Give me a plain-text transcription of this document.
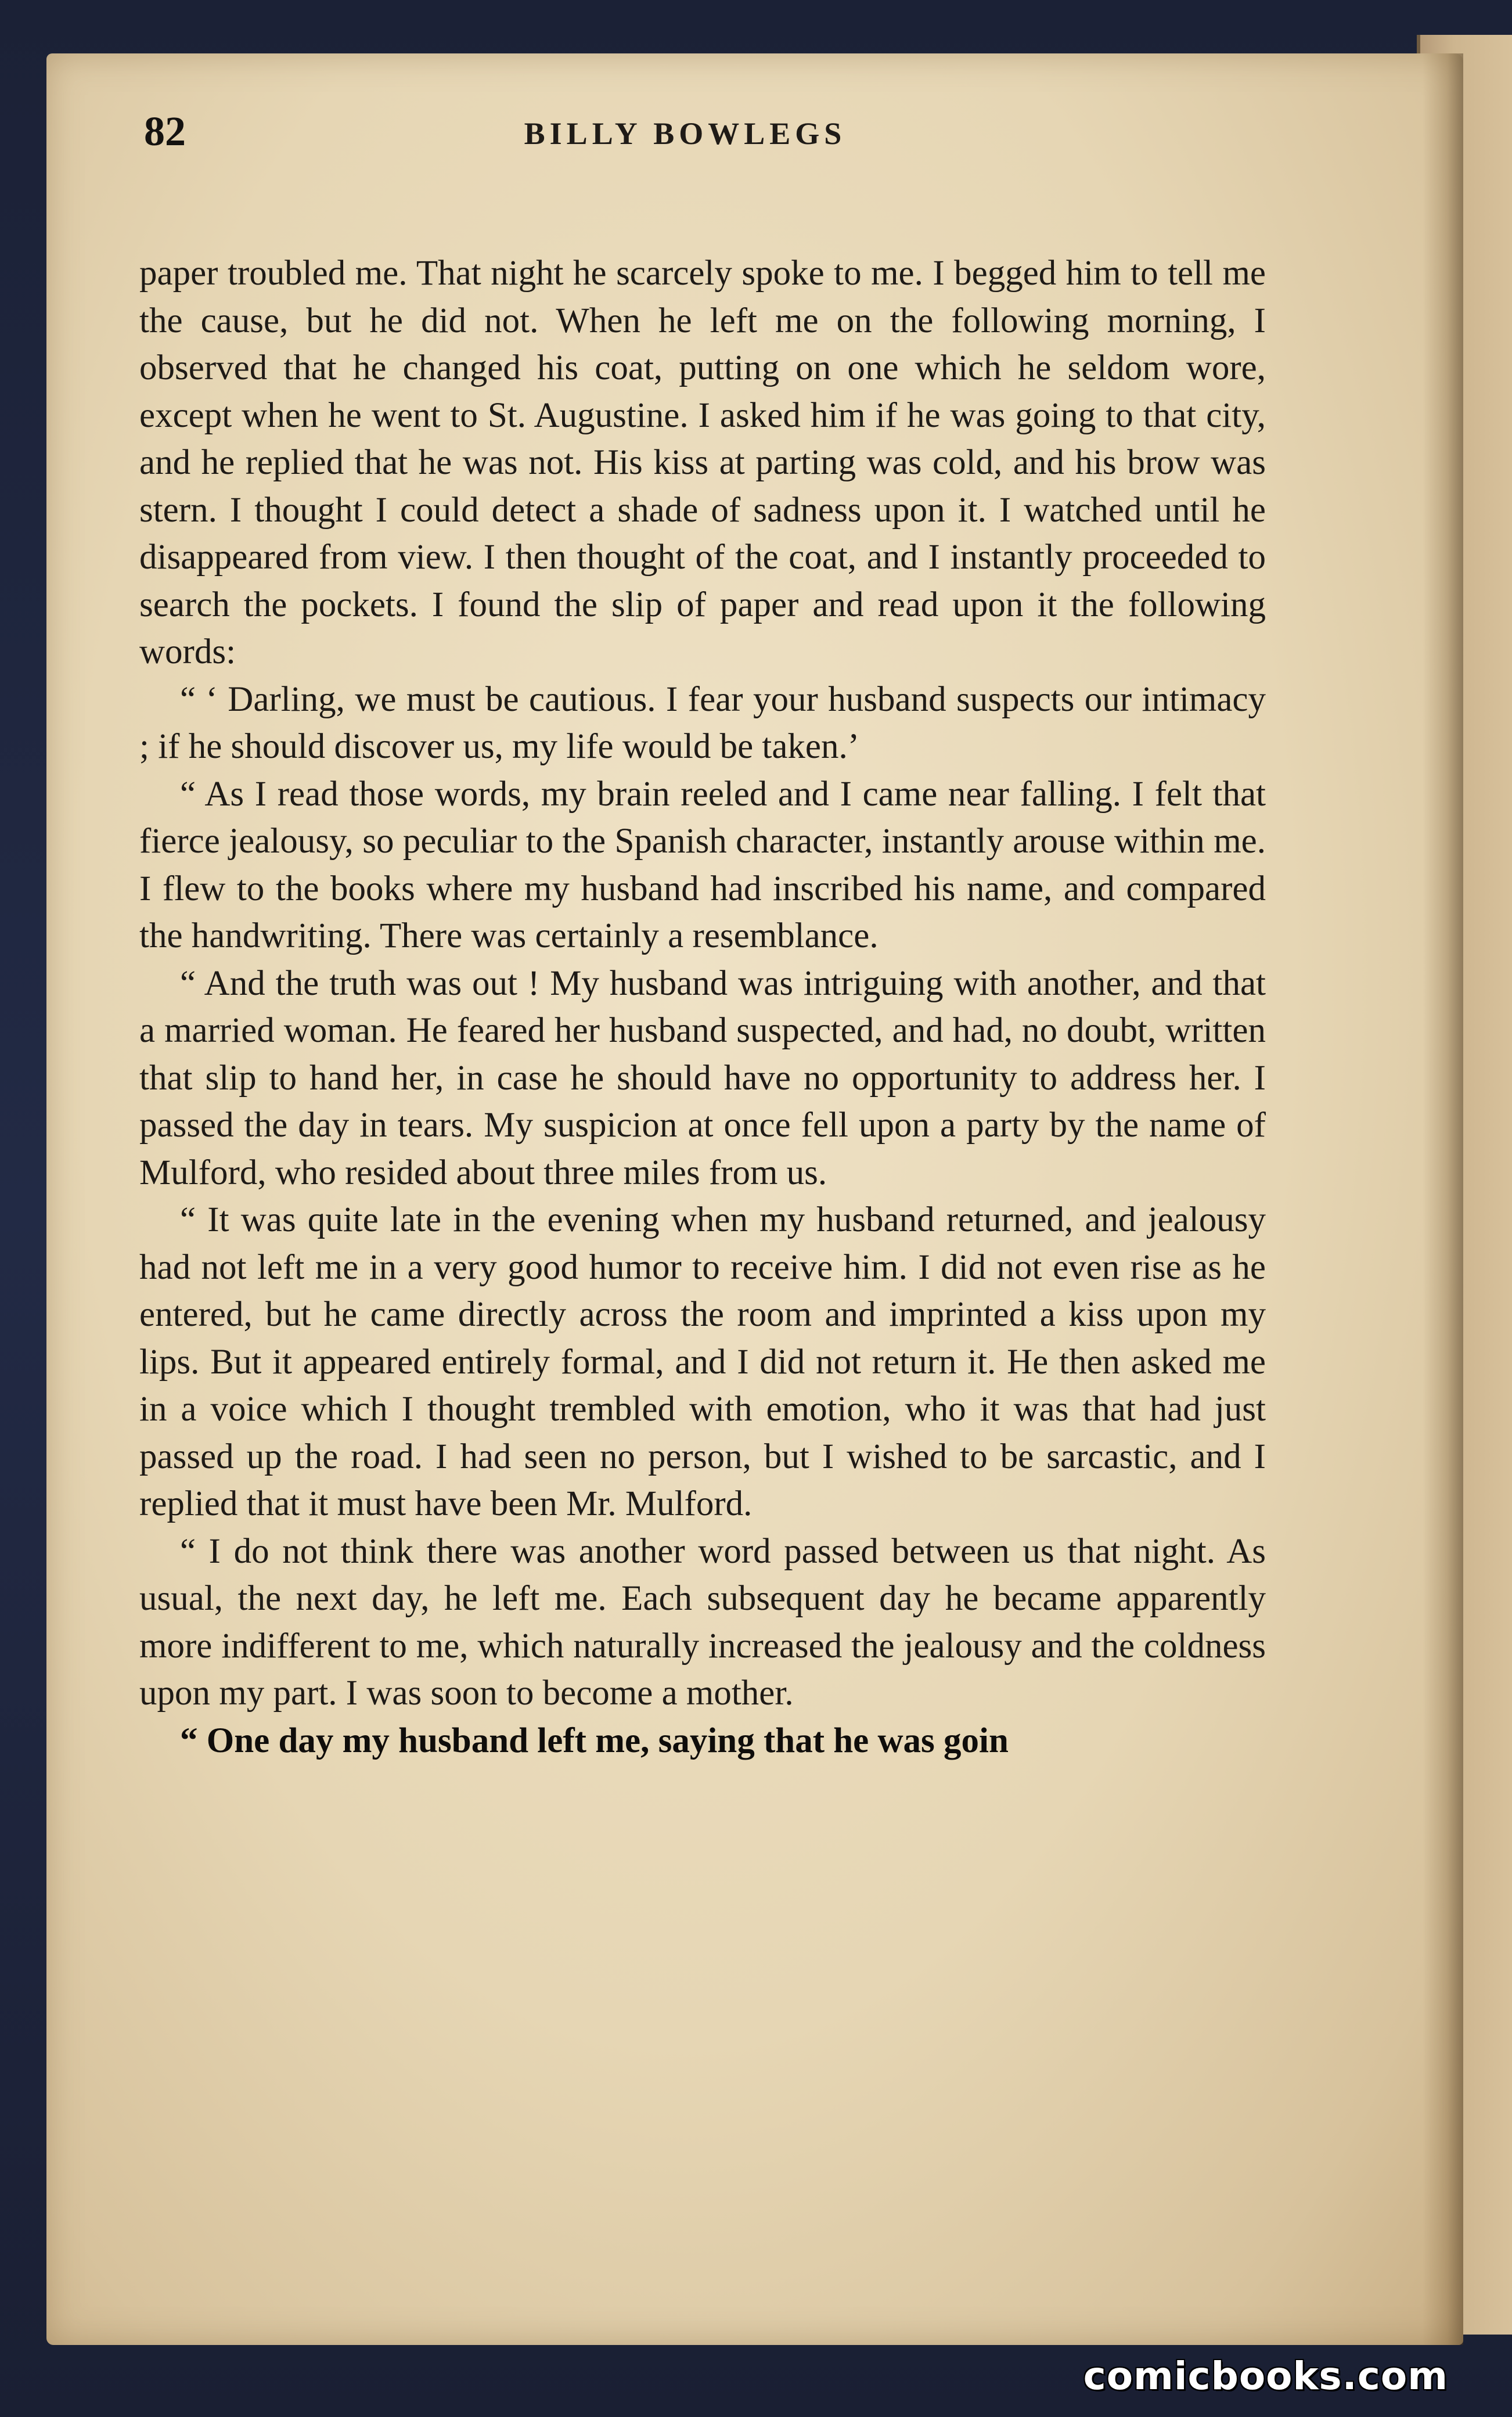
82	BILLY BOWLEGS

paper troubled me. That night he scarcely spoke to me. I begged him to tell me the cause, but he did not. When he left me on the following morning, I observed that he changed his coat, putting on one which he seldom wore, except when he went to St. Augustine. I asked him if he was going to that city, and he replied that he was not. His kiss at parting was cold, and his brow was stern. I thought I could detect a shade of sadness upon it. I watched until he disappeared from view. I then thought of the coat, and I instantly proceeded to search the pockets. I found the slip of paper and read upon it the following words:

“ ‘ Darling, we must be cautious. I fear your husband suspects our intimacy ; if he should discover us, my life would be taken.’

“ As I read those words, my brain reeled and I came near falling. I felt that fierce jealousy, so peculiar to the Spanish character, instantly arouse within me. I flew to the books where my husband had inscribed his name, and compared the handwriting. There was certainly a resemblance.

“ And the truth was out ! My husband was intriguing with another, and that a married woman. He feared her husband suspected, and had, no doubt, written that slip to hand her, in case he should have no opportunity to address her. I passed the day in tears. My suspicion at once fell upon a party by the name of Mulford, who resided about three miles from us.

“ It was quite late in the evening when my husband returned, and jealousy had not left me in a very good humor to receive him. I did not even rise as he entered, but he came directly across the room and imprinted a kiss upon my lips. But it appeared entirely formal, and I did not return it. He then asked me in a voice which I thought trembled with emotion, who it was that had just passed up the road. I had seen no person, but I wished to be sarcastic, and I replied that it must have been Mr. Mulford.

“ I do not think there was another word passed between us that night. As usual, the next day, he left me. Each subsequent day he became apparently more indifferent to me, which naturally increased the jealousy and the coldness upon my part. I was soon to become a mother.

“ One day my husband left me, saying that he was goin

comicbooks.com
